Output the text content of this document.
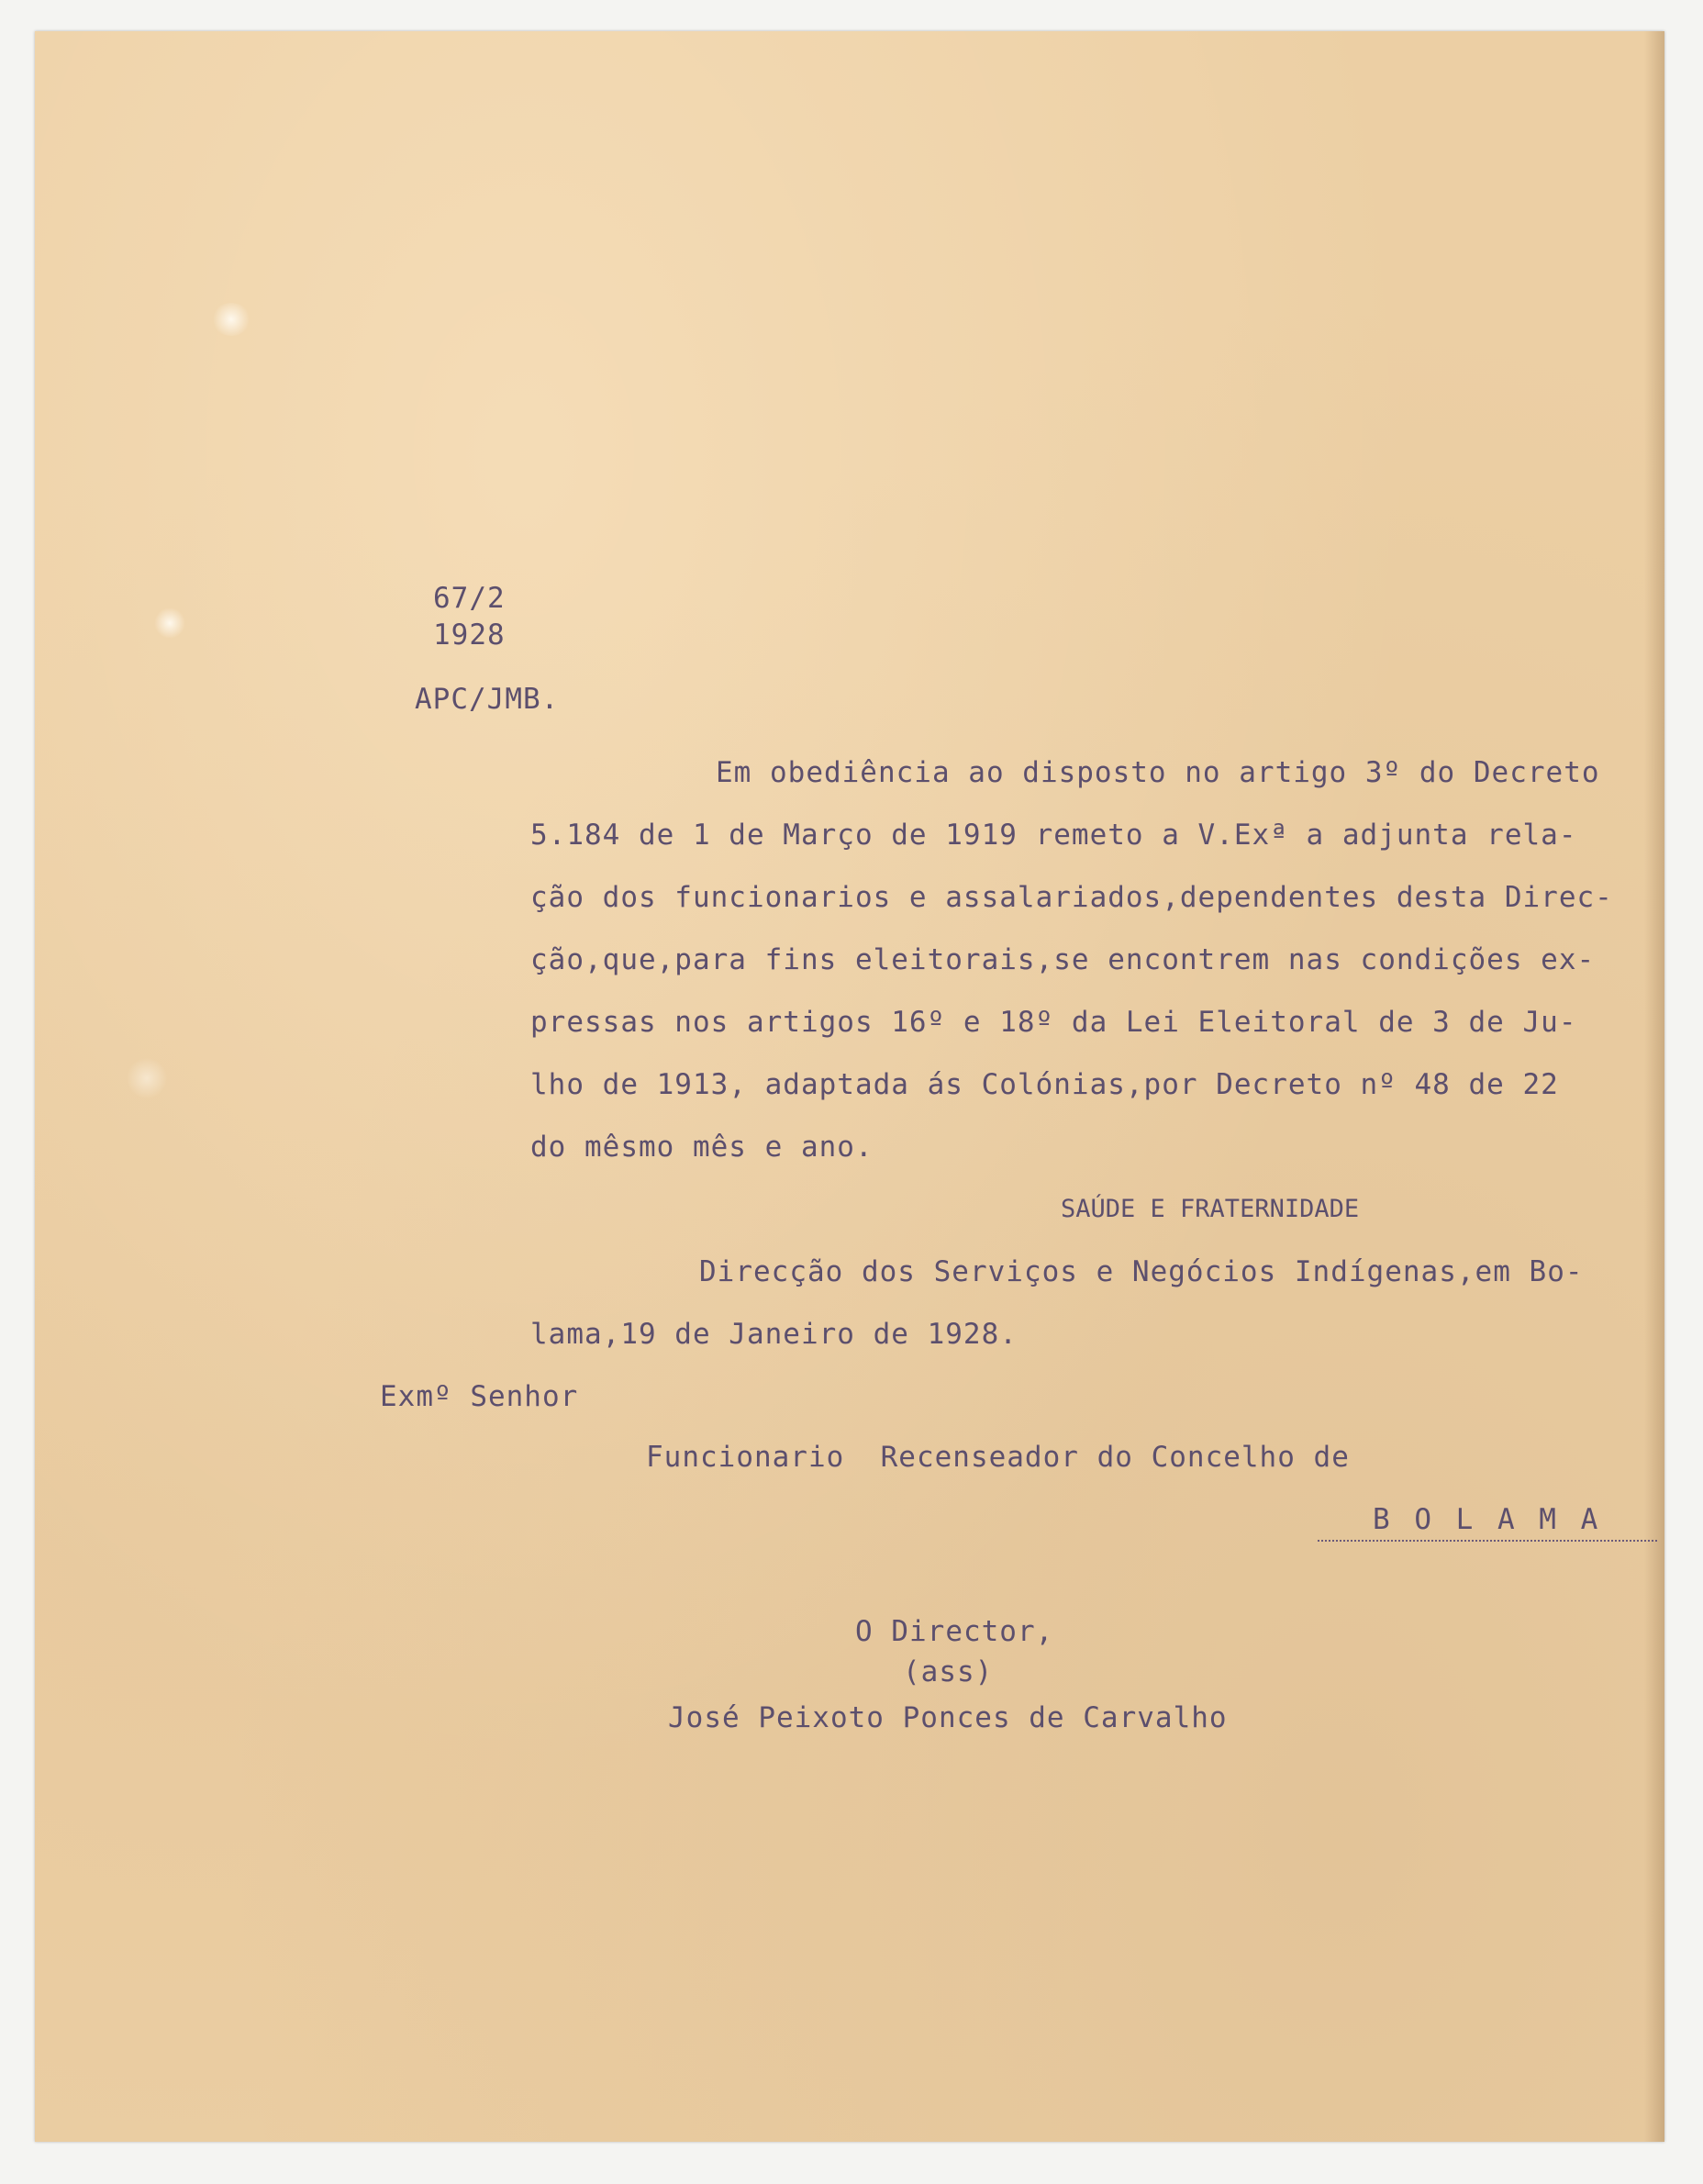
67/2

1928

APC/JMB.

Em obediência ao disposto no artigo 3º do Decreto

5.184 de 1 de Março de 1919 remeto a V.Exª a adjunta rela-

ção dos funcionarios e assalariados,dependentes desta Direc-

ção,que,para fins eleitorais,se encontrem nas condições ex-

pressas nos artigos 16º e 18º da Lei Eleitoral de 3 de Ju-

lho de 1913, adaptada ás Colónias,por Decreto nº 48 de 22

do mêsmo mês e ano.

SAÚDE E FRATERNIDADE

Direcção dos Serviços e Negócios Indígenas,em Bo-

lama,19 de Janeiro de 1928.

Exmº Senhor

Funcionario  Recenseador do Concelho de

B O L A M A

O Director,

(ass)

José Peixoto Ponces de Carvalho
